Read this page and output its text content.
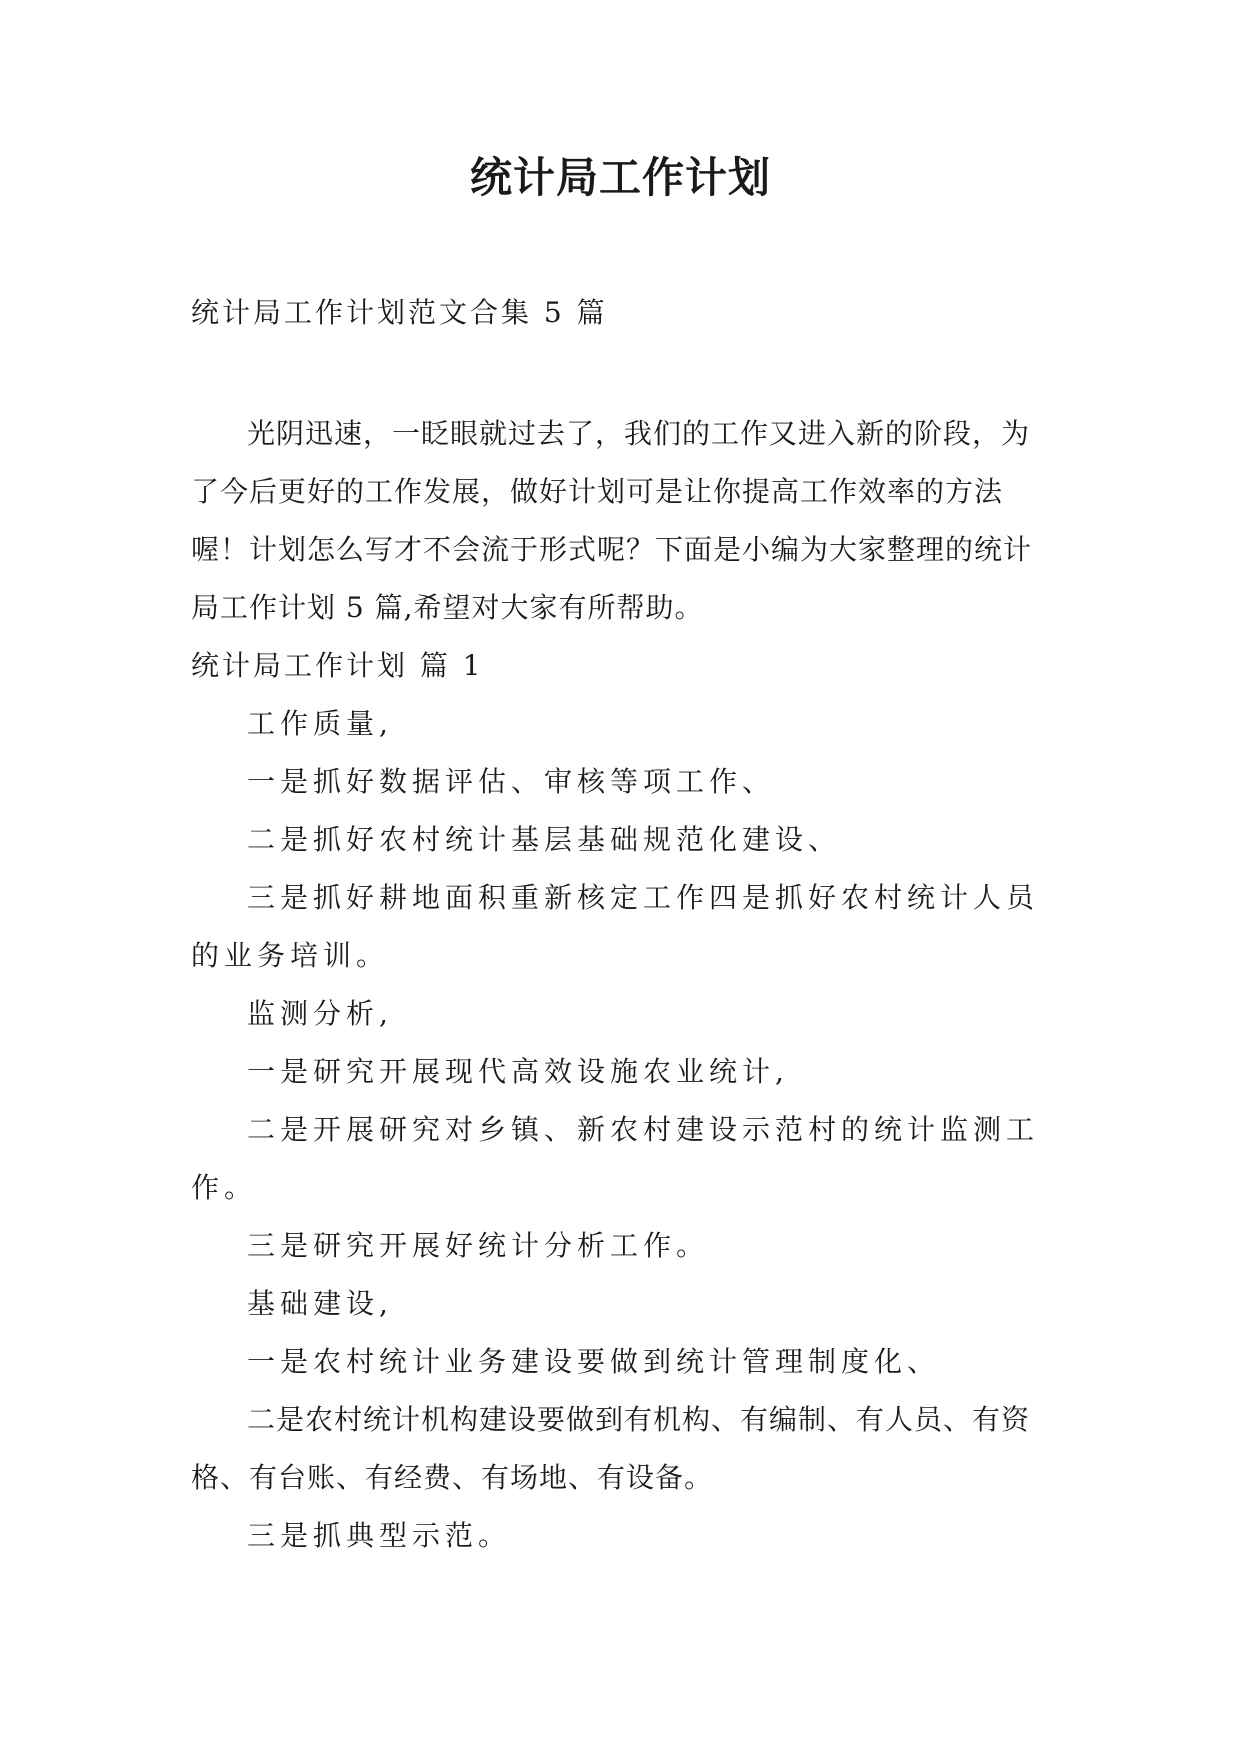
统计局工作计划
统计局工作计划范文合集 5 篇

光阴迅速，一眨眼就过去了，我们的工作又进入新的阶段，为了今后更好的工作发展，做好计划可是让你提高工作效率的方法喔！计划怎么写才不会流于形式呢？下面是小编为大家整理的统计局工作计划 5 篇,希望对大家有所帮助。

统计局工作计划 篇 1

工作质量,

一是抓好数据评估、审核等项工作、

二是抓好农村统计基层基础规范化建设、

三是抓好耕地面积重新核定工作四是抓好农村统计人员的业务培训。

监测分析,

一是研究开展现代高效设施农业统计,

二是开展研究对乡镇、新农村建设示范村的统计监测工作。

三是研究开展好统计分析工作。

基础建设,

一是农村统计业务建设要做到统计管理制度化、

二是农村统计机构建设要做到有机构、有编制、有人员、有资格、有台账、有经费、有场地、有设备。

三是抓典型示范。
